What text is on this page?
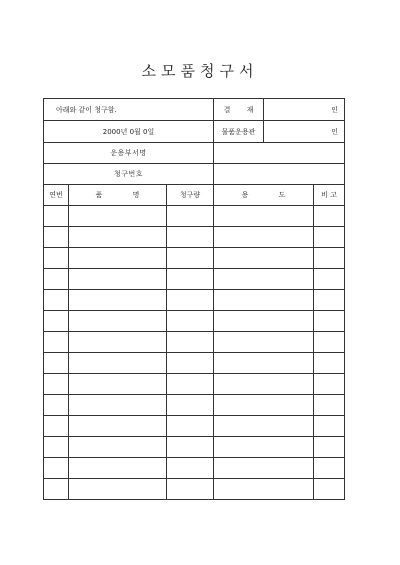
소모품청구서
아래와 같이 청구함.			결 재	인	
2000년 0월 0일			물품운용관	인	
운용부서명					
청구번호					
연번	품 명	청구량	용 도		비 고
